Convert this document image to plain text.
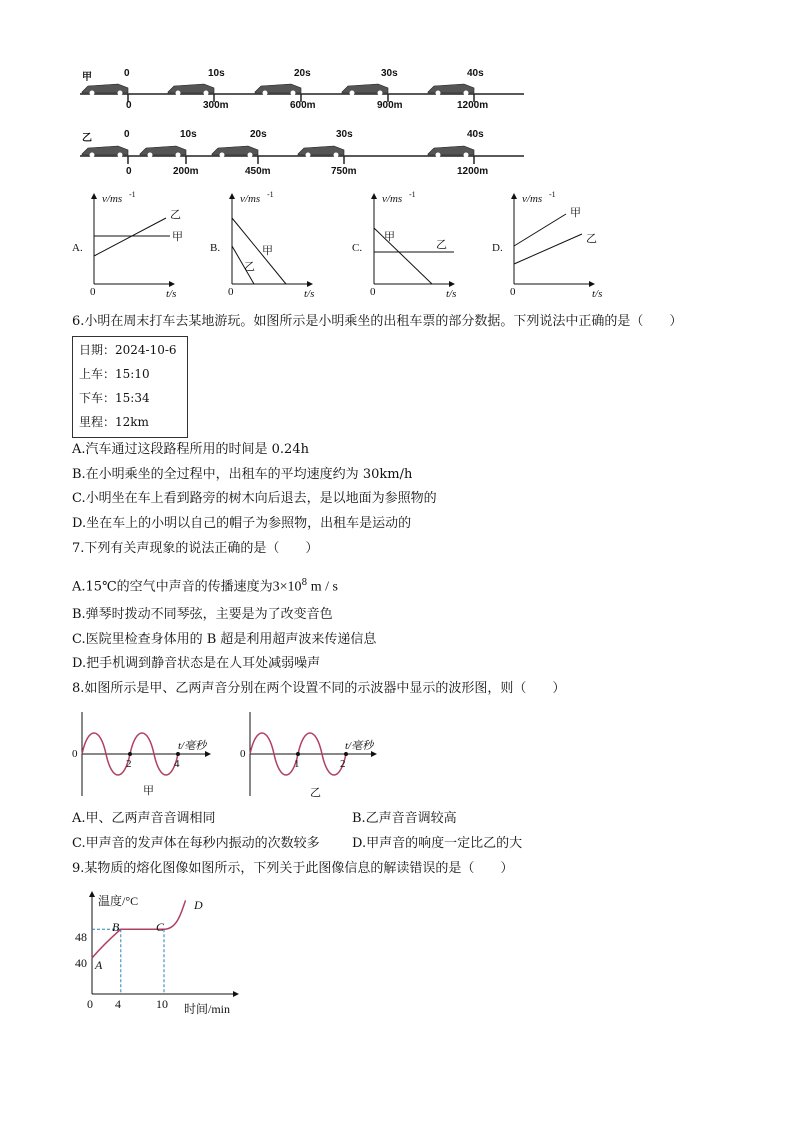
甲	0	10s	20s	30s	40s
0	300m	600m	900m	1200m
乙	0	10s	20s	30s	40s
0	200m	450m	750m	1200m
A.
v/ms -1
t/s
0
乙
甲
B.
v/ms -1
t/s
0
甲
乙
C.
v/ms -1
t/s
0
甲
乙	D.
v/ms -1
t/s
0
甲
乙
6.小明在周末打车去某地游玩。如图所示是小明乘坐的出租车票的部分数据。下列说法中正确的是（　　）
日期：2024-10-6
上车：15:10
下车：15:34
里程：12km
A.汽车通过这段路程所用的时间是 0.24h
B.在小明乘坐的全过程中，出租车的平均速度约为 30km/h
C.小明坐在车上看到路旁的树木向后退去，是以地面为参照物的
D.坐在车上的小明以自己的帽子为参照物，出租车是运动的
7.下列有关声现象的说法正确的是（　　）
A.15℃的空气中声音的传播速度为$3\times 10^8$ m / s
B.弹琴时拨动不同琴弦，主要是为了改变音色
C.医院里检查身体用的 B 超是利用超声波来传递信息
D.把手机调到静音状态是在人耳处减弱噪声
8.如图所示是甲、乙两声音分别在两个设置不同的示波器中显示的波形图，则（　　）
0
2	4
t/毫秒
甲
0
1	2
t/毫秒
乙
A.甲、乙两声音音调相同	B.乙声音音调较高
C.甲声音的发声体在每秒内振动的次数较多 D.甲声音的响度一定比乙的大
9.某物质的熔化图像如图所示，下列关于此图像信息的解读错误的是（　　）
温度/°C
时间/min
48
40
0 4	10
A
B	C
D
